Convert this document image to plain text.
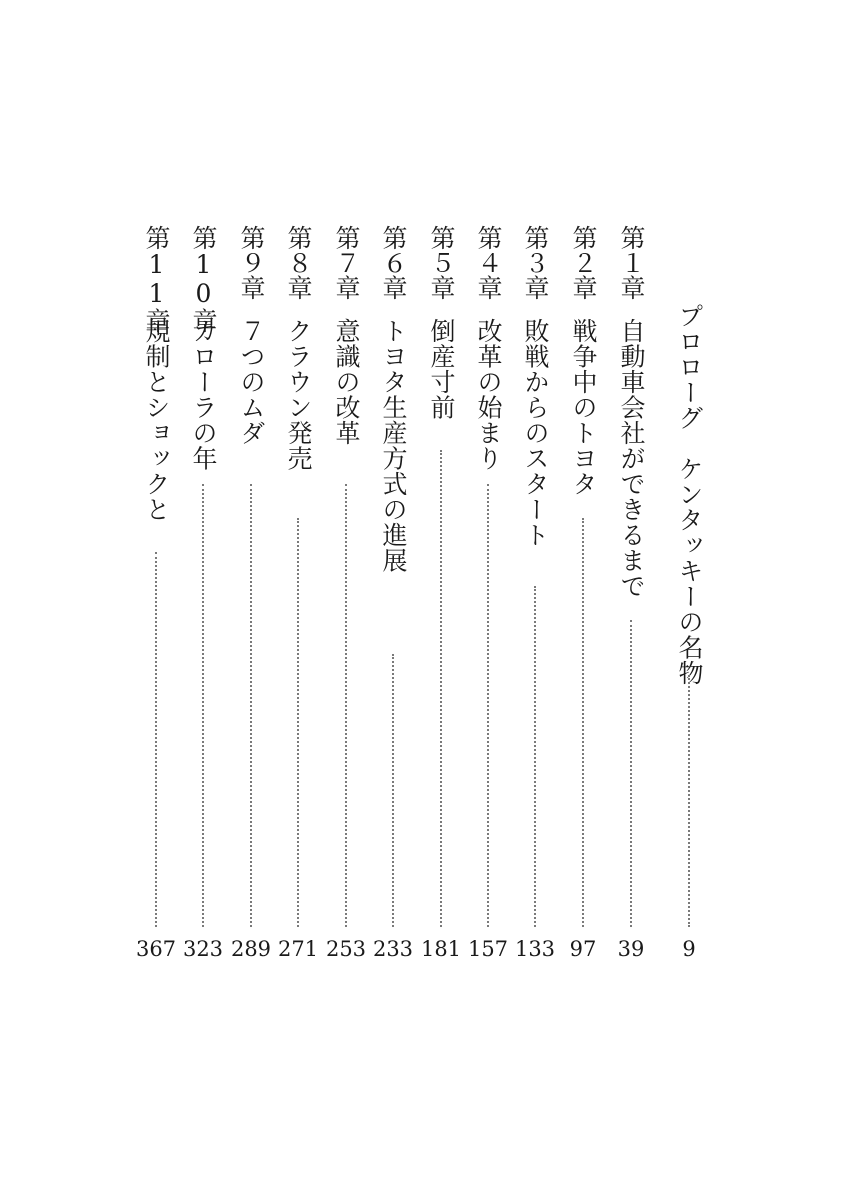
プロローグ　ケンタッキーの名物
9
第１章
自動車会社ができるまで
39
第２章
戦争中のトヨタ
97
第３章
敗戦からのスタート
133
第４章
改革の始まり
157
第５章
倒産寸前
181
第６章
トヨタ生産方式の進展
233
第７章
意識の改革
253
第８章
クラウン発売
271
第９章
７つのムダ
289
第10章
カローラの年
323
第11章
規制とショックと
367
